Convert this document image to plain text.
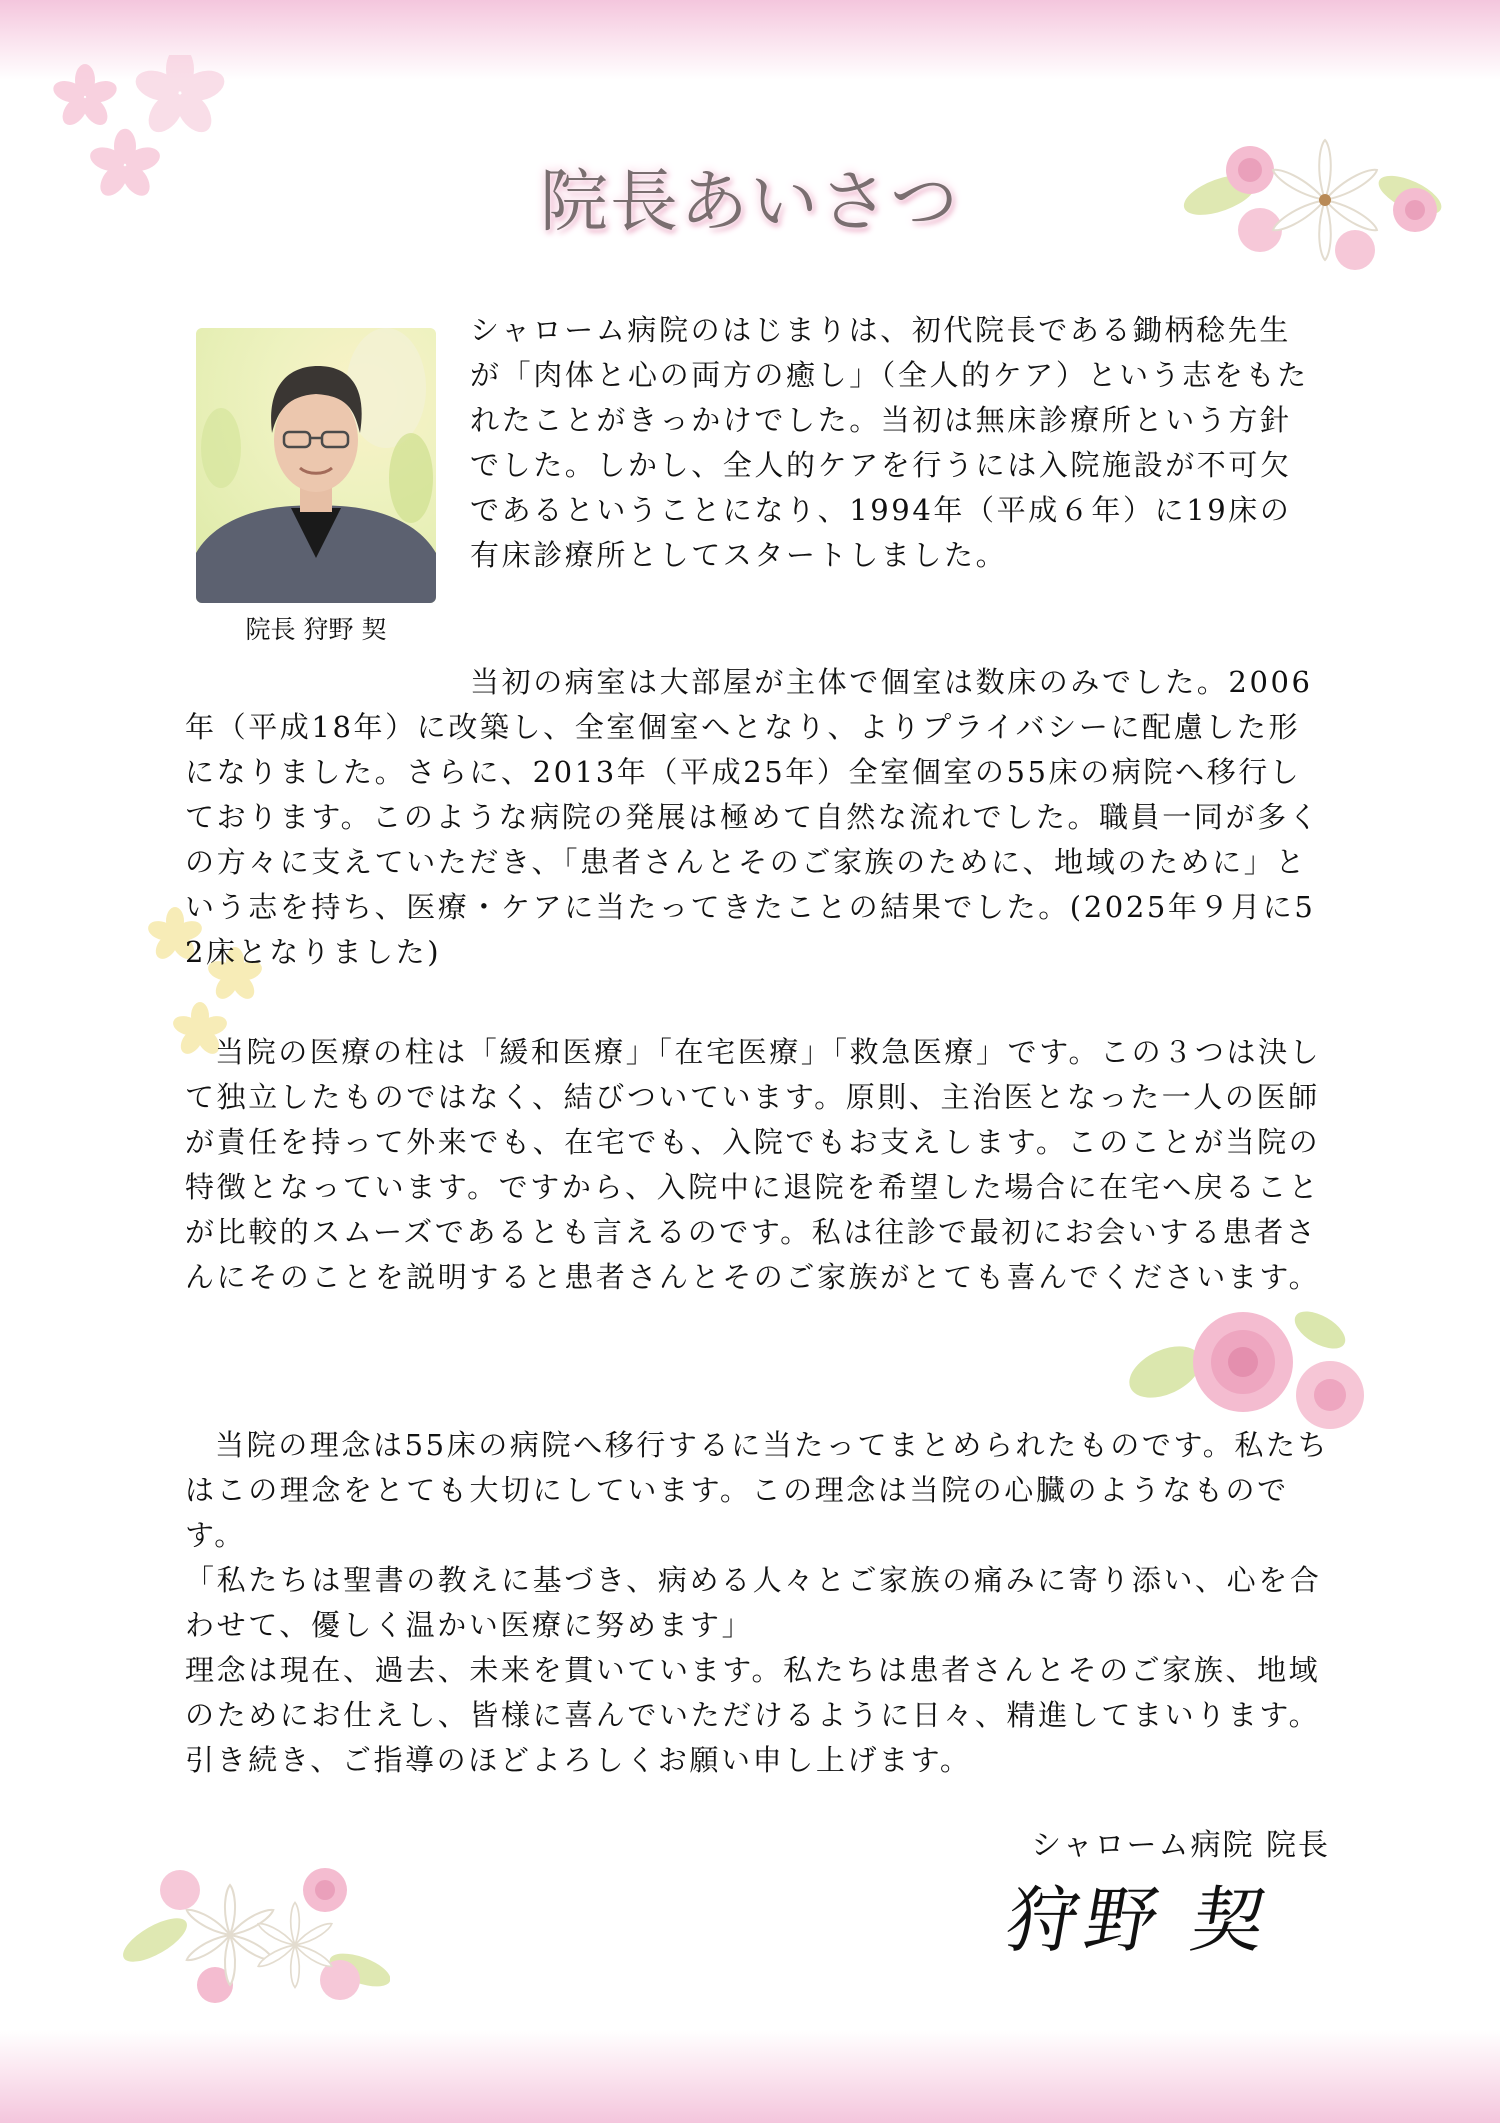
院長あいさつ
院長 狩野 契

シャローム病院のはじまりは、初代院長である鋤柄稔先生が「肉体と心の両方の癒し」（全人的ケア）という志をもたれたことがきっかけでした。当初は無床診療所という方針でした。しかし、全人的ケアを行うには入院施設が不可欠であるということになり、1994年（平成６年）に19床の有床診療所としてスタートしました。

当初の病室は大部屋が主体で個室は数床のみでした。2006年（平成18年）に改築し、全室個室へとなり、よりプライバシーに配慮した形になりました。さらに、2013年（平成25年）全室個室の55床の病院へ移行しております。このような病院の発展は極めて自然な流れでした。職員一同が多くの方々に支えていただき、「患者さんとそのご家族のために、地域のために」という志を持ち、医療・ケアに当たってきたことの結果でした。(2025年９月に52床となりました)

当院の医療の柱は「緩和医療」「在宅医療」「救急医療」です。この３つは決して独立したものではなく、結びついています。原則、主治医となった一人の医師が責任を持って外来でも、在宅でも、入院でもお支えします。このことが当院の特徴となっています。ですから、入院中に退院を希望した場合に在宅へ戻ることが比較的スムーズであるとも言えるのです。私は往診で最初にお会いする患者さんにそのことを説明すると患者さんとそのご家族がとても喜んでくださいます。

当院の理念は55床の病院へ移行するに当たってまとめられたものです。私たちはこの理念をとても大切にしています。この理念は当院の心臓のようなものです。
「私たちは聖書の教えに基づき、病める人々とご家族の痛みに寄り添い、心を合わせて、優しく温かい医療に努めます」
理念は現在、過去、未来を貫いています。私たちは患者さんとそのご家族、地域のためにお仕えし、皆様に喜んでいただけるように日々、精進してまいります。引き続き、ご指導のほどよろしくお願い申し上げます。

シャローム病院 院長
狩野 契
